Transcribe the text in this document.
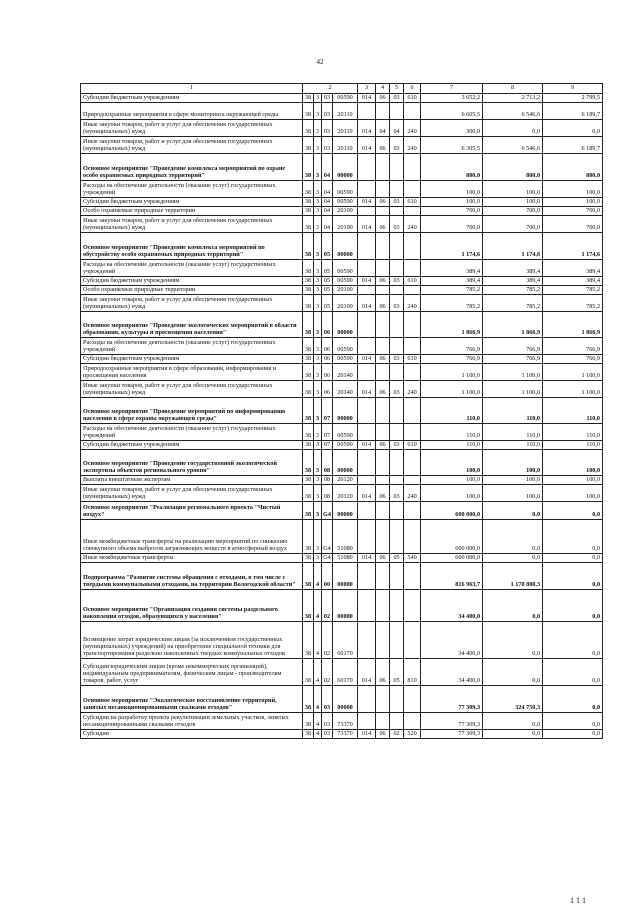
42
1	2				3	4	5	6	7	8	9
Субсидии бюджетным учреждениям	38	3	03	00590	014	06	03	610	3 652,2	2 713,2	2 799,5
Природоохранные мероприятия в сфере мониторинга окружающей среды	38	3	03	20110					6 605,5	6 546,6	6 189,7
Иные закупки товаров, работ и услуг для обеспечения государственных (муниципальных) нужд	38	3	03	20110	014	04	04	240	300,0	0,0	0,0
Иные закупки товаров, работ и услуг для обеспечения государственных (муниципальных) нужд	38	3	03	20110	014	06	03	240	6 305,5	6 546,6	6 189,7
Основное мероприятие "Проведение комплекса мероприятий по охране особо охраняемых природных территорий"	38	3	04	00000					800,0	800,0	800,0
Расходы на обеспечение деятельности (оказание услуг) государственных учреждений	38	3	04	00590					100,0	100,0	100,0
Субсидии бюджетным учреждениям	38	3	04	00590	014	06	03	610	100,0	100,0	100,0
Особо охраняемые природные территории	38	3	04	20100					700,0	700,0	700,0
Иные закупки товаров, работ и услуг для обеспечения государственных (муниципальных) нужд	38	3	04	20100	014	06	03	240	700,0	700,0	700,0
Основное мероприятие "Проведение комплекса мероприятий по обустройству особо охраняемых природных территорий"	38	3	05	00000					1 174,6	1 174,6	1 174,6
Расходы на обеспечение деятельности (оказание услуг) государственных учреждений	38	3	05	00590					389,4	389,4	389,4
Субсидии бюджетным учреждениям	38	3	05	00590	014	06	03	610	389,4	389,4	389,4
Особо охраняемые природные территории	38	3	05	20100					785,2	785,2	785,2
Иные закупки товаров, работ и услуг для обеспечения государственных (муниципальных) нужд	38	3	05	20100	014	06	03	240	785,2	785,2	785,2
Основное мероприятие "Проведение экологических мероприятий в области образования, культуры и просвещения населения"	38	3	06	00000					1 866,9	1 866,9	1 866,9
Расходы на обеспечение деятельности (оказание услуг) государственных учреждений	38	3	06	00590					766,9	766,9	766,9
Субсидии бюджетным учреждениям	38	3	06	00590	014	06	03	610	766,9	766,9	766,9
Природоохранные мероприятия в сфере образования, информирования и просвещения населения	38	3	06	20140					1 100,0	1 100,0	1 100,0
Иные закупки товаров, работ и услуг для обеспечения государственных (муниципальных) нужд	38	3	06	20140	014	06	03	240	1 100,0	1 100,0	1 100,0
Основное мероприятие "Проведение мероприятий по информированию населения в сфере охраны окружающей среды"	38	3	07	00000					110,0	110,0	110,0
Расходы на обеспечение деятельности (оказание услуг) государственных учреждений	38	3	07	00590					110,0	110,0	110,0
Субсидии бюджетным учреждениям	38	3	07	00590	014	06	03	610	110,0	110,0	110,0
Основное мероприятие "Проведение государственной экологической экспертизы объектов регионального уровня"	38	3	08	00000					100,0	100,0	100,0
Выплаты внештатным экспертам	38	3	08	20120					100,0	100,0	100,0
Иные закупки товаров, работ и услуг для обеспечения государственных (муниципальных) нужд	38	3	08	20120	014	06	03	240	100,0	100,0	100,0
Основное мероприятие "Реализация регионального проекта "Чистый воздух"	38	3	G4	00000					600 000,0	0,0	0,0
Иные межбюджетные трансферты на реализацию мероприятий по снижению совокупного объема выбросов загрязняющих веществ в атмосферный воздух	38	3	G4	51080					600 000,0	0,0	0,0
Иные межбюджетные трансферты	38	3	G4	51080	014	06	05	540	600 000,0	0,0	0,0
Подпрограмма "Развитие системы обращения с отходами, в том числе с твердыми коммунальными отходами, на территории Вологодской области"	38	4	00	00000					816 963,7	1 178 800,3	0,0
Основное мероприятие "Организация создания системы раздельного накопления отходов, образующихся у населения"	38	4	02	00000					34 400,0	0,0	0,0
Возмещение затрат юридическим лицам (за исключением государственных (муниципальных) учреждений) на приобретение специальной техники для транспортирования раздельно накопленных твердых коммунальных отходов	38	4	02	60170					34 400,0	0,0	0,0
Субсидии юридическим лицам (кроме некоммерческих организаций), индивидуальным предпринимателям, физическим лицам - производителям товаров, работ, услуг	38	4	02	60170	014	06	05	810	34 400,0	0,0	0,0
Основное мероприятие "Экологическое восстановление территорий, занятых несанкционированными свалками отходов"	38	4	03	00000					77 309,3	324 750,3	0,0
Субсидии на разработку проекта рекультивации земельных участков, занятых несанкционированными свалками отходов	38	4	03	73370					77 309,3	0,0	0,0
Субсидии	38	4	03	73370	014	06	02	520	77 309,3	0,0	0,0
1 1 1
